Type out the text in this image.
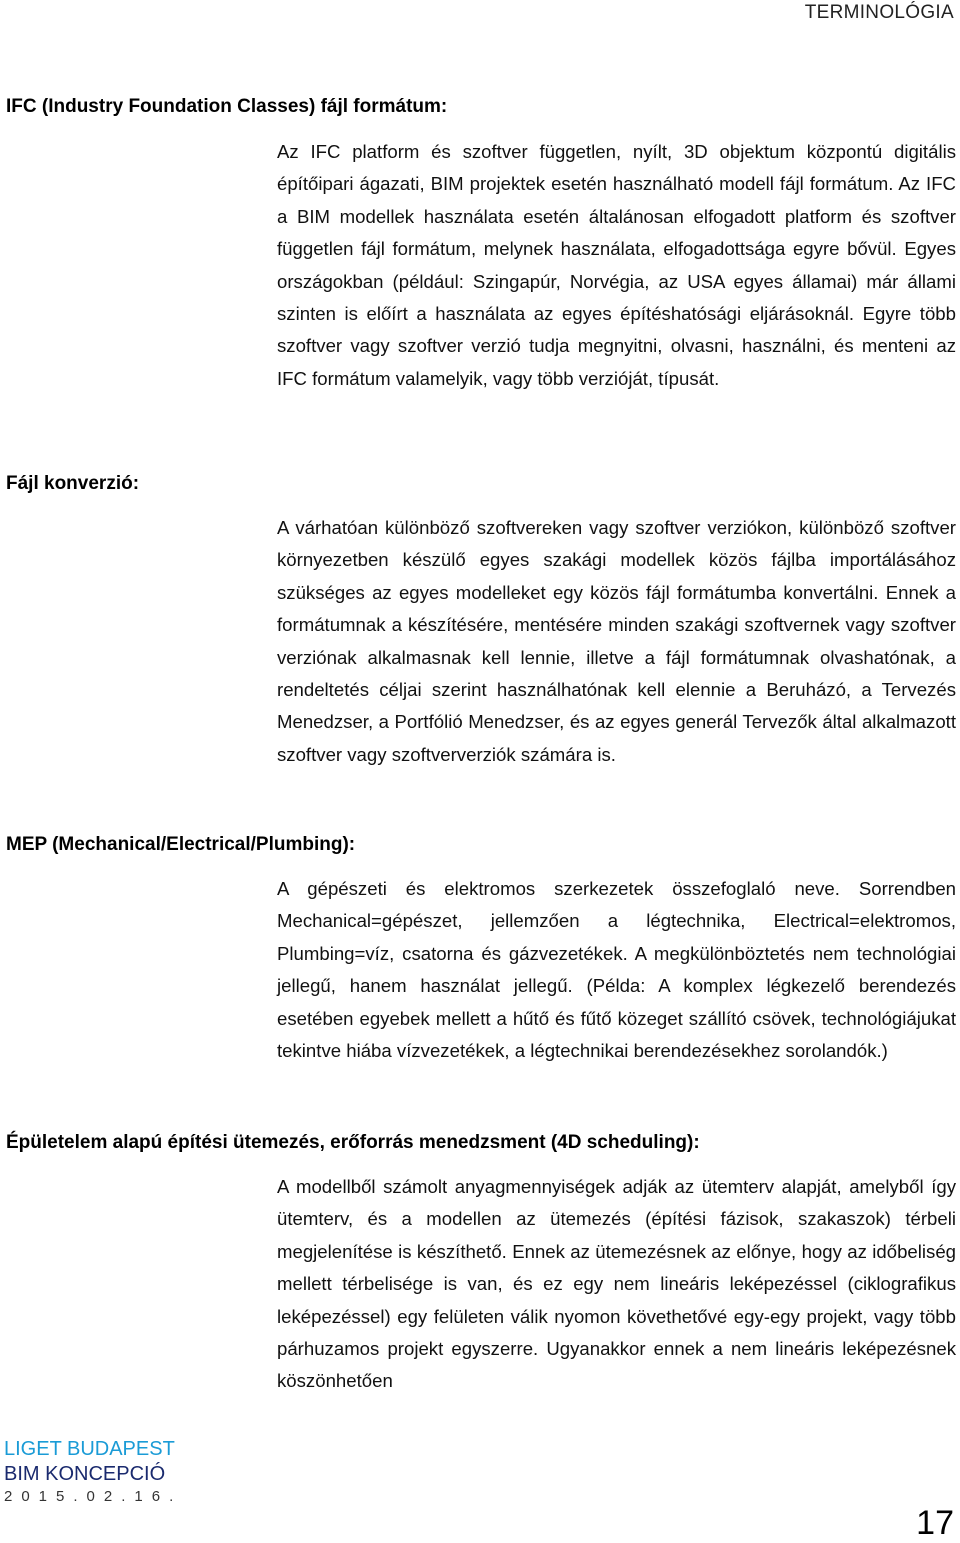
TERMINOLÓGIA
IFC (Industry Foundation Classes) fájl formátum:

Az IFC platform és szoftver független, nyílt, 3D objektum központú digitális építőipari ágazati, BIM projektek esetén használható modell fájl formátum. Az IFC a BIM modellek használata esetén általánosan elfogadott platform és szoftver független fájl formátum, melynek használata, elfogadottsága egyre bővül. Egyes országokban (például: Szingapúr, Norvégia, az USA egyes államai) már állami szinten is előírt a használata az egyes építéshatósági eljárásoknál. Egyre több szoftver vagy szoftver verzió tudja megnyitni, olvasni, használni, és menteni az IFC formátum valamelyik, vagy több verzióját, típusát.

Fájl konverzió:

A várhatóan különböző szoftvereken vagy szoftver verziókon, különböző szoftver környezetben készülő egyes szakági modellek közös fájlba importálásához szükséges az egyes modelleket egy közös fájl formátumba konvertálni. Ennek a formátumnak a készítésére, mentésére minden szakági szoftvernek vagy szoftver verziónak alkalmasnak kell lennie, illetve a fájl formátumnak olvashatónak, a rendeltetés céljai szerint használhatónak kell elennie a Beruházó, a Tervezés Menedzser, a Portfólió Menedzser, és az egyes generál Tervezők által alkalmazott szoftver vagy szoftververziók számára is.

MEP (Mechanical/Electrical/Plumbing):

A gépészeti és elektromos szerkezetek összefoglaló neve. Sorrendben Mechanical=gépészet, jellemzően a légtechnika, Electrical=elektromos, Plumbing=víz, csatorna és gázvezetékek. A megkülönböztetés nem technológiai jellegű, hanem használat jellegű. (Példa: A komplex légkezelő berendezés esetében egyebek mellett a hűtő és fűtő közeget szállító csövek, technológiájukat tekintve hiába vízvezetékek, a légtechnikai berendezésekhez sorolandók.)

Épületelem alapú építési ütemezés, erőforrás menedzsment (4D scheduling):

A modellből számolt anyagmennyiségek adják az ütemterv alapját, amelyből így ütemterv, és a modellen az ütemezés (építési fázisok, szakaszok) térbeli megjelenítése is készíthető. Ennek az ütemezésnek az előnye, hogy az időbeliség mellett térbelisége is van, és ez egy nem lineáris leképezéssel (ciklografikus leképezéssel) egy felületen válik nyomon követhetővé egy-egy projekt, vagy több párhuzamos projekt egyszerre. Ugyanakkor ennek a nem lineáris leképezésnek köszönhetően

LIGET BUDAPEST
BIM KONCEPCIÓ
2015.02.16.
17
